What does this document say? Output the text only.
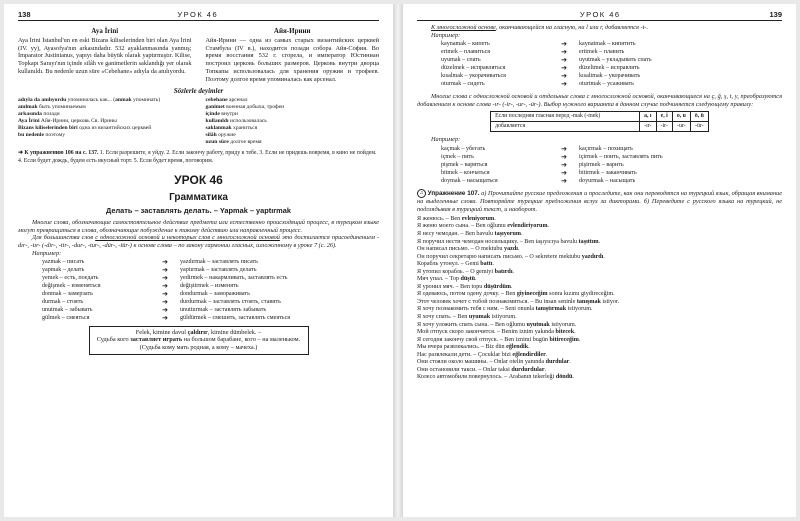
138	УРОК 46
Aya İrini

Aya İrini İstanbul'un en eski Bizans kiliselerinden biri olan Aya İrini (IV. yy), Ayasofya'nın arkasındadır. 532 ayaklanmasında yanmış; İmparator Justinianus, yapıyı daha büyük olarak yaptırmıştır. Kilise, Topkapı Sarayı'nın içinde silâh ve ganimetlerin saklandığı yer olarak kullanıldı. Bu nedenle uzun süre «Cebehane» adıyla da anılıyordu.

Айя-Ирини

Айя-Ирини — одна из самых старых византийских церквей Стамбула (IV в.), находится позади собора Айя-София. Во время восстания 532 г. сгорела, и император Юстиниан построил церковь больших размеров. Церковь внутри дворца Топкапы использовалась для хранения оружия и трофеев. Поэтому долгое время упоминалась как арсенал.

Sözlerle deyimler
adıyla da anılıyordu упоминалась как... (anmak упоминать)
anılmak быть упоминаемым
arkasında позади
Aya İrini Айя-Ирини, церковь Св. Ирины
Bizans kiliselerinden biri одна из византийских церквей
bu nedenle поэтому
cebehane арсенал
ganimet военная добыча, трофеи
içinde внутри
kullanıldı использовалась
saklanmak храниться
silâh оружие
uzun süre долгое время

➜ К упражнению 106 на с. 137. 1. Если разрешите, я уйду. 2. Если закончу работу, приду к тебе. 3. Если не придешь вовремя, в кино не пойдем. 4. Если будет дождь, будем есть вкусный торт. 5. Если будет время, поговорим.

УРОК 46
Грамматика
Делать – заставлять делать. – Yapmak – yaptırmak

Многие слова, обозначающие самостоятельное действие предмета или естественно происходящий процесс, в турецком языке могут превращаться в слова, обозначающие побуждение к такому действию или направленный процесс.

Для большинства слов с односложной основой и некоторых слов с многосложной основой это достигается присоединением -dır-, -tır- (-dir-, -tir-, -dur-, -tur-, -dür-, -tür-) к основе слова – по закону гармонии гласных, изложенному в уроке 7 (с. 26).

Например:

yazmak – писать	➔	yazdırmak – заставлять писать
yapmak – делать	➔	yaptırmak – заставлять делать
yemek – есть, поедать	➔	yedirmek – накармливать, заставлять есть
değişmek – изменяться	➔	değiştirmek – изменять
donmak – замерзать	➔	dondurmak – замораживать
durmak – стоять	➔	durdurmak – заставлять стоять, ставить
unutmak – забывать	➔	unutturmak – заставлять забывать
gülmek – смеяться	➔	güldürmek – смешить, заставлять смеяться

Felek, kimine davul çaldırır, kimine dümbelek. –

Судьба кого заставляет играть на большом барабане, кого – на маленьком.

(Судьба кому мать родная, а кому – мачеха.)

УРОК 46	139

К многосложной основе, оканчивающейся на гласную, на l или r, добавляется -t-.

Например:

kaynamak – кипеть	➔	kaynatmak – кипятить
erimek – плавиться	➔	eritmek – плавить
uyumak – спать	➔	uyutmak – укладывать спать
düzelmek – исправляться	➔	düzeltmek – исправлять
kısalmak – укорачиваться	➔	kısaltmak – укорачивать
oturmak – сидеть	➔	oturtmak – усаживать

Многие слова с односложной основой и отдельные слова с многосложной основой, оканчивающиеся на ç, ğ, ş, t, у, преобразуются добавлением к основе слова -ır- (-ir-, -ur-, -ür-). Выбор нужного варианта в данном случае подчиняется следующему правилу:

Если последняя гласная перед -mak (-mek)	a, ı	e, i	o, u	ö, ü
добавляется	-ır-	-ir-	-ur-	-ür-

Например:

kaçmak – убегать	➔	kaçırmak – похищать
içmek – пить	➔	içirmek – поить, заставлять пить
pişmek – вариться	➔	pişirmek – варить
bitmek – кончаться	➔	bitirmek – заканчивать
doymak – насыщаться	➔	doyurmak – насыщать

♫ Упражнение 107. а) Прочитайте русские предложения и проследите, как они переводятся на турецкий язык, обращая внимание на выделенные слова. Повторяйте турецкие предложения вслух за дикторами. б) Переведите с русского языка на турецкий, не подглядывая в турецкий текст, и наоборот.

Я женюсь. – Ben evleniyorum.

Я женю моего сына. – Ben oğlumu evlendiriyorum.

Я несу чемодан. – Ben bavulu taşıyorum.

Я поручил нести чемодан носильщику. – Ben taşıyıcıya bavulu taşıttım.

Он написал письмо. – O mektubu yazdı.

Он поручил секретарю написать письмо. – O sekretere mektubu yazdırdı.

Корабль утонул. – Gemi battı.

Я утопил корабль. – O gemiyi batırdı.

Мяч упал. – Top düştü.

Я уронил мяч. – Ben topu düşürdüm.

Я одеваюсь, потом одену дочку. – Ben giyineceğim sonra kızımı giydireceğim.

Этот человек хочет с тобой познакомиться. – Bu insan seninle tanışmak istiyor.

Я хочу познакомить тебя с ним. – Seni onunla tanıştırmak istiyorum.

Я хочу спать. – Ben uyumak istiyorum.

Я хочу уложить спать сына. – Ben oğlumu uyutmak istiyorum.

Мой отпуск скоро закончится. – Benim iznim yakında bitecek.

Я сегодня закончу свой отпуск. – Ben iznimi bugün bitireceğim.

Мы вчера развлекались. – Biz dün eğlendik.

Нас развлекали дети. – Çocuklar bizi eğlendirdiler.

Они стояли около машины. – Onlar otelin yanında durdular.

Они остановили такси. – Onlar taksi durdurdular.

Колесо автомобиля повернулось. – Arabanın tekerleği döndü.
